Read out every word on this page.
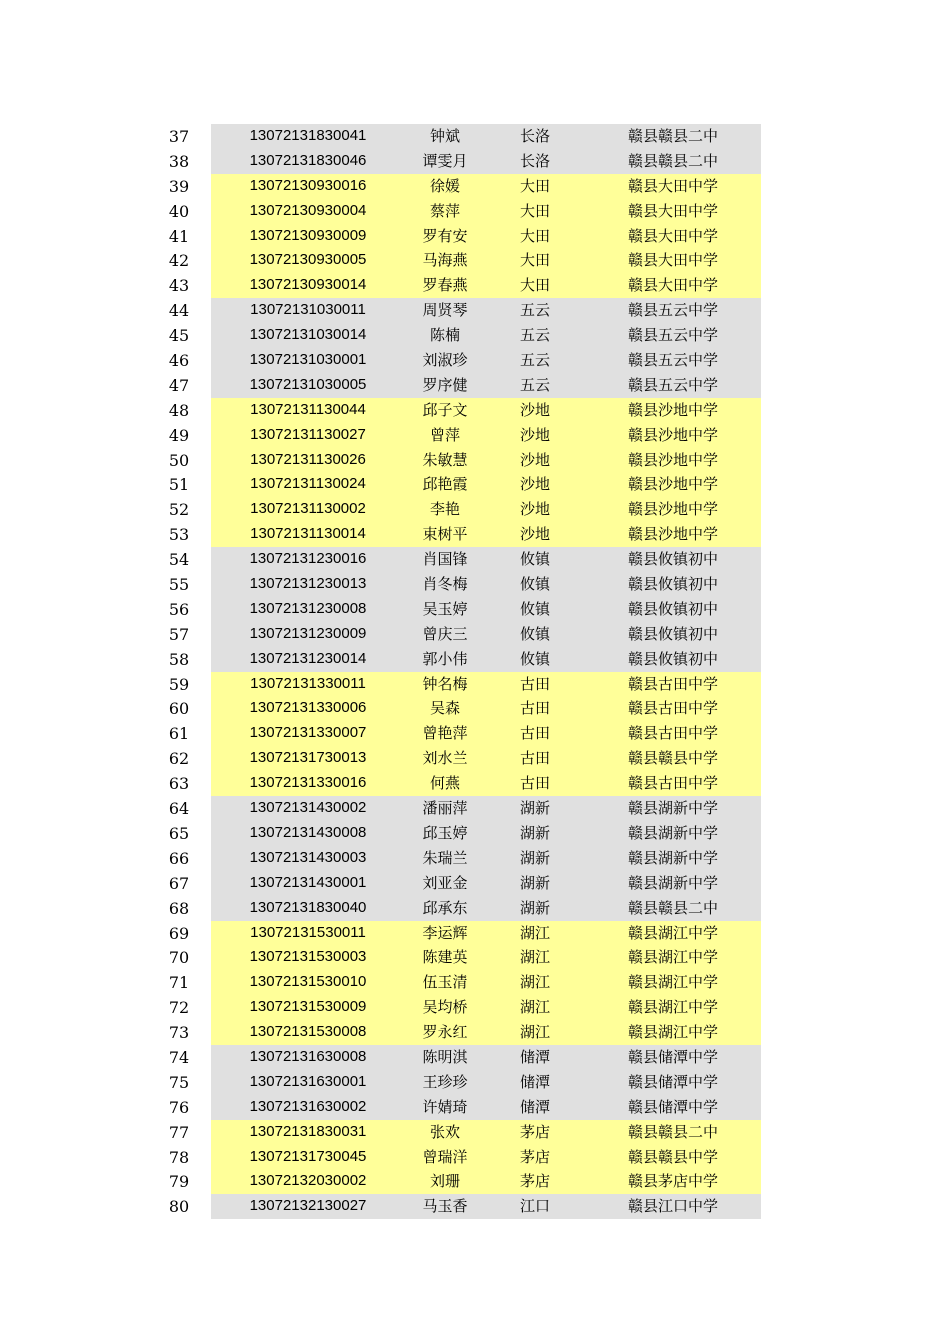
37	13072131830041	钟斌	长洛	赣县赣县二中
38	13072131830046	谭雯月	长洛	赣县赣县二中
39	13072130930016	徐媛	大田	赣县大田中学
40	13072130930004	蔡萍	大田	赣县大田中学
41	13072130930009	罗有安	大田	赣县大田中学
42	13072130930005	马海燕	大田	赣县大田中学
43	13072130930014	罗春燕	大田	赣县大田中学
44	13072131030011	周贤琴	五云	赣县五云中学
45	13072131030014	陈楠	五云	赣县五云中学
46	13072131030001	刘淑珍	五云	赣县五云中学
47	13072131030005	罗序健	五云	赣县五云中学
48	13072131130044	邱子文	沙地	赣县沙地中学
49	13072131130027	曾萍	沙地	赣县沙地中学
50	13072131130026	朱敏慧	沙地	赣县沙地中学
51	13072131130024	邱艳霞	沙地	赣县沙地中学
52	13072131130002	李艳	沙地	赣县沙地中学
53	13072131130014	束树平	沙地	赣县沙地中学
54	13072131230016	肖国锋	攸镇	赣县攸镇初中
55	13072131230013	肖冬梅	攸镇	赣县攸镇初中
56	13072131230008	吴玉婷	攸镇	赣县攸镇初中
57	13072131230009	曾庆三	攸镇	赣县攸镇初中
58	13072131230014	郭小伟	攸镇	赣县攸镇初中
59	13072131330011	钟名梅	古田	赣县古田中学
60	13072131330006	吴森	古田	赣县古田中学
61	13072131330007	曾艳萍	古田	赣县古田中学
62	13072131730013	刘水兰	古田	赣县赣县中学
63	13072131330016	何燕	古田	赣县古田中学
64	13072131430002	潘丽萍	湖新	赣县湖新中学
65	13072131430008	邱玉婷	湖新	赣县湖新中学
66	13072131430003	朱瑞兰	湖新	赣县湖新中学
67	13072131430001	刘亚金	湖新	赣县湖新中学
68	13072131830040	邱承东	湖新	赣县赣县二中
69	13072131530011	李运辉	湖江	赣县湖江中学
70	13072131530003	陈建英	湖江	赣县湖江中学
71	13072131530010	伍玉清	湖江	赣县湖江中学
72	13072131530009	吴均桥	湖江	赣县湖江中学
73	13072131530008	罗永红	湖江	赣县湖江中学
74	13072131630008	陈明淇	储潭	赣县储潭中学
75	13072131630001	王珍珍	储潭	赣县储潭中学
76	13072131630002	许婧琦	储潭	赣县储潭中学
77	13072131830031	张欢	茅店	赣县赣县二中
78	13072131730045	曾瑞洋	茅店	赣县赣县中学
79	13072132030002	刘珊	茅店	赣县茅店中学
80	13072132130027	马玉香	江口	赣县江口中学
